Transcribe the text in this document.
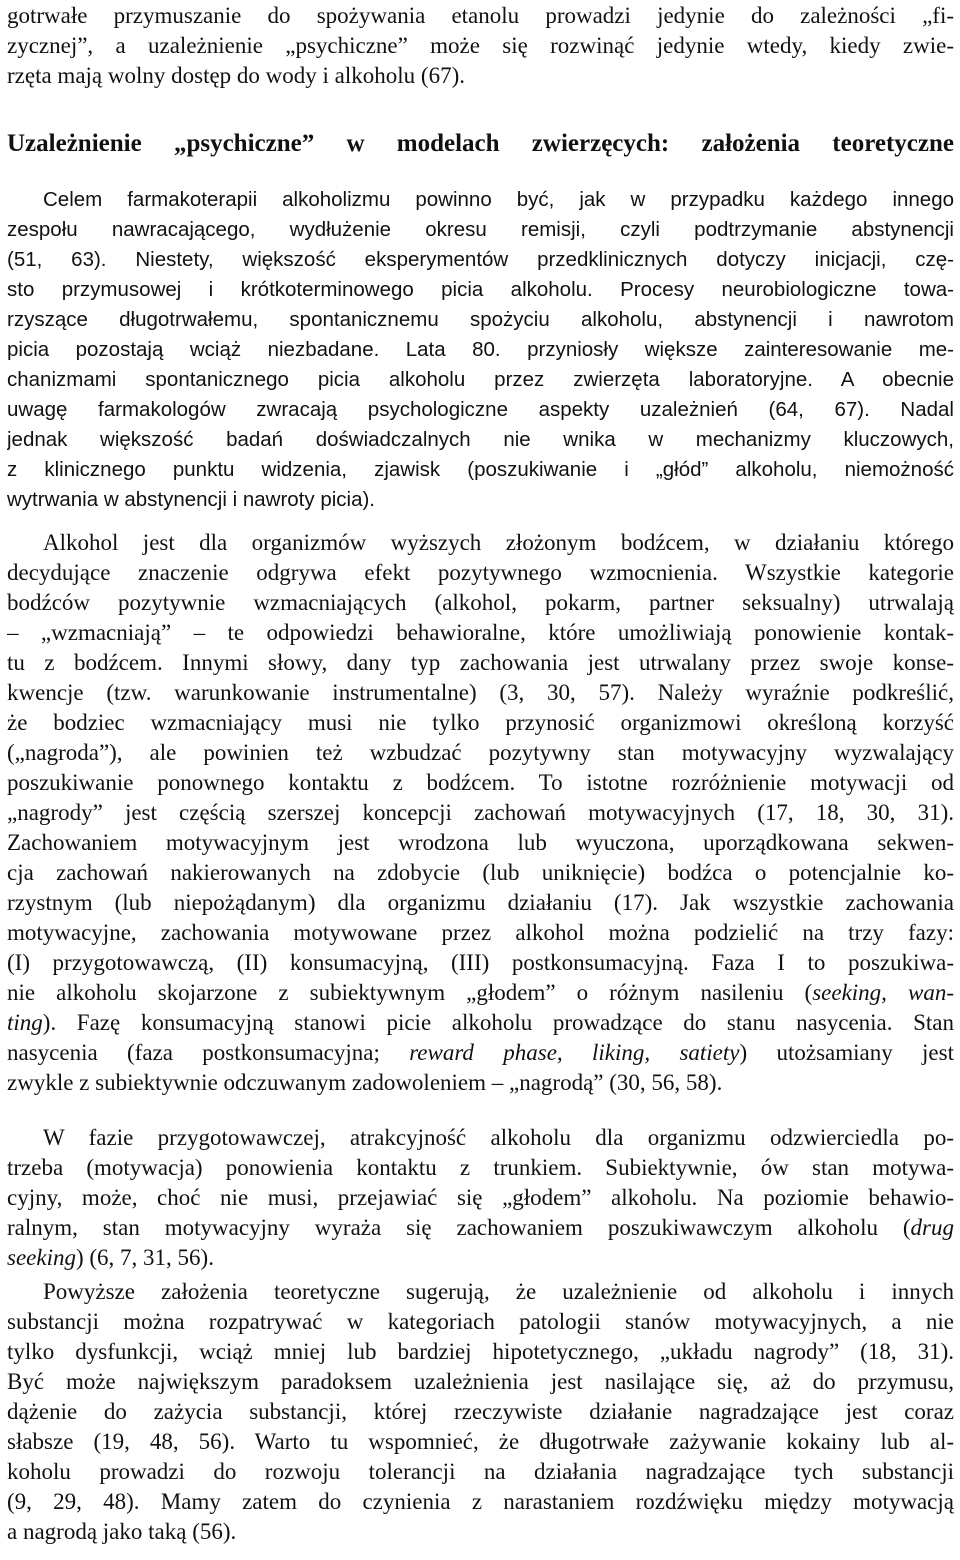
gotrwałe przymuszanie do spożywania etanolu prowadzi jedynie do zależności „fi-
zycznej”, a uzależnienie „psychiczne” może się rozwinąć jedynie wtedy, kiedy zwie-
rzęta mają wolny dostęp do wody i alkoholu (67).
Uzależnienie „psychiczne” w modelach zwierzęcych: założenia teoretyczne
Celem farmakoterapii alkoholizmu powinno być, jak w przypadku każdego innego
zespołu nawracającego, wydłużenie okresu remisji, czyli podtrzymanie abstynencji
(51, 63). Niestety, większość eksperymentów przedklinicznych dotyczy inicjacji, czę-
sto przymusowej i krótkoterminowego picia alkoholu. Procesy neurobiologiczne towa-
rzyszące długotrwałemu, spontanicznemu spożyciu alkoholu, abstynencji i nawrotom
picia pozostają wciąż niezbadane. Lata 80. przyniosły większe zainteresowanie me-
chanizmami spontanicznego picia alkoholu przez zwierzęta laboratoryjne. A obecnie
uwagę farmakologów zwracają psychologiczne aspekty uzależnień (64, 67). Nadal
jednak większość badań doświadczalnych nie wnika w mechanizmy kluczowych,
z klinicznego punktu widzenia, zjawisk (poszukiwanie i „głód” alkoholu, niemożność
wytrwania w abstynencji i nawroty picia).
Alkohol jest dla organizmów wyższych złożonym bodźcem, w działaniu którego
decydujące znaczenie odgrywa efekt pozytywnego wzmocnienia. Wszystkie kategorie
bodźców pozytywnie wzmacniających (alkohol, pokarm, partner seksualny) utrwalają
– „wzmacniają” – te odpowiedzi behawioralne, które umożliwiają ponowienie kontak-
tu z bodźcem. Innymi słowy, dany typ zachowania jest utrwalany przez swoje konse-
kwencje (tzw. warunkowanie instrumentalne) (3, 30, 57). Należy wyraźnie podkreślić,
że bodziec wzmacniający musi nie tylko przynosić organizmowi określoną korzyść
(„nagroda”), ale powinien też wzbudzać pozytywny stan motywacyjny wyzwalający
poszukiwanie ponownego kontaktu z bodźcem. To istotne rozróżnienie motywacji od
„nagrody” jest częścią szerszej koncepcji zachowań motywacyjnych (17, 18, 30, 31).
Zachowaniem motywacyjnym jest wrodzona lub wyuczona, uporządkowana sekwen-
cja zachowań nakierowanych na zdobycie (lub uniknięcie) bodźca o potencjalnie ko-
rzystnym (lub niepożądanym) dla organizmu działaniu (17). Jak wszystkie zachowania
motywacyjne, zachowania motywowane przez alkohol można podzielić na trzy fazy:
(I) przygotowawczą, (II) konsumacyjną, (III) postkonsumacyjną. Faza I to poszukiwa-
nie alkoholu skojarzone z subiektywnym „głodem” o różnym nasileniu (seeking, wan-
ting). Fazę konsumacyjną stanowi picie alkoholu prowadzące do stanu nasycenia. Stan
nasycenia (faza postkonsumacyjna; reward phase, liking, satiety) utożsamiany jest
zwykle z subiektywnie odczuwanym zadowoleniem – „nagrodą” (30, 56, 58).
W fazie przygotowawczej, atrakcyjność alkoholu dla organizmu odzwierciedla po-
trzeba (motywacja) ponowienia kontaktu z trunkiem. Subiektywnie, ów stan motywa-
cyjny, może, choć nie musi, przejawiać się „głodem” alkoholu. Na poziomie behawio-
ralnym, stan motywacyjny wyraża się zachowaniem poszukiwawczym alkoholu (drug
seeking) (6, 7, 31, 56).
Powyższe założenia teoretyczne sugerują, że uzależnienie od alkoholu i innych
substancji można rozpatrywać w kategoriach patologii stanów motywacyjnych, a nie
tylko dysfunkcji, wciąż mniej lub bardziej hipotetycznego, „układu nagrody” (18, 31).
Być może największym paradoksem uzależnienia jest nasilające się, aż do przymusu,
dążenie do zażycia substancji, której rzeczywiste działanie nagradzające jest coraz
słabsze (19, 48, 56). Warto tu wspomnieć, że długotrwałe zażywanie kokainy lub al-
koholu prowadzi do rozwoju tolerancji na działania nagradzające tych substancji
(9, 29, 48). Mamy zatem do czynienia z narastaniem rozdźwięku między motywacją
a nagrodą jako taką (56).
